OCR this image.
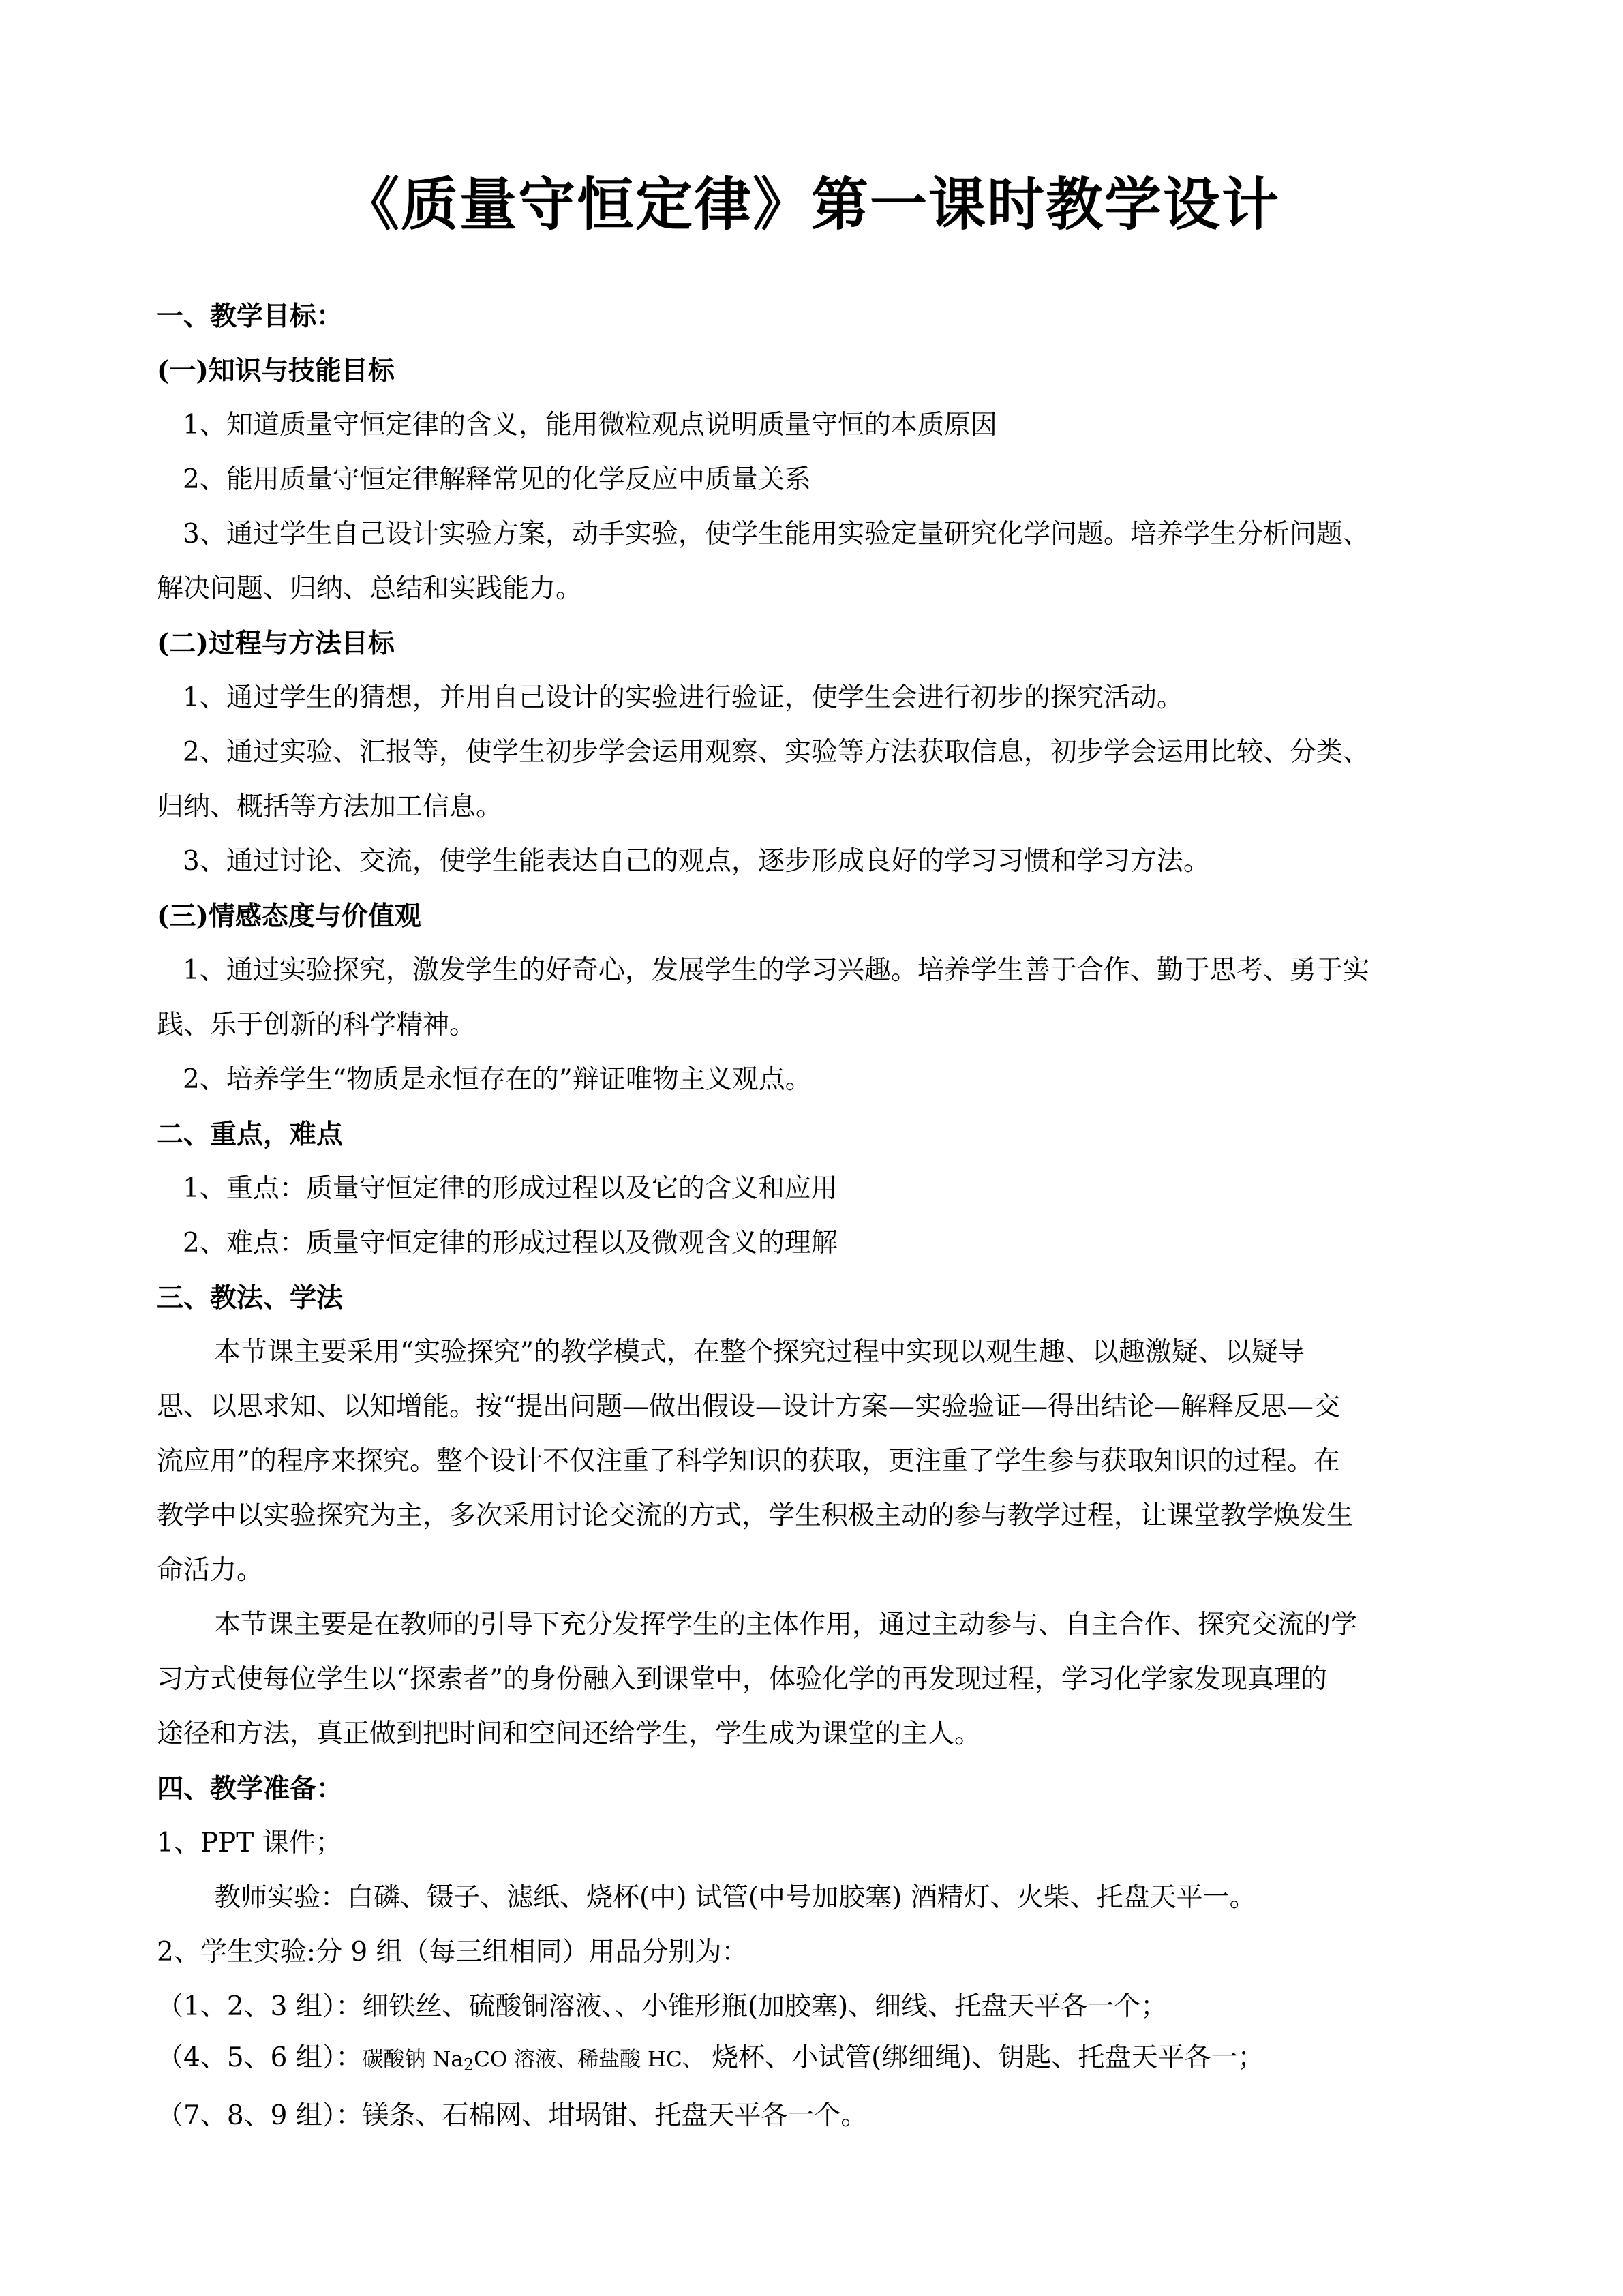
《质量守恒定律》第一课时教学设计
一、教学目标：
(一)知识与技能目标
1、知道质量守恒定律的含义，能用微粒观点说明质量守恒的本质原因
2、能用质量守恒定律解释常见的化学反应中质量关系
3、通过学生自己设计实验方案，动手实验，使学生能用实验定量研究化学问题。培养学生分析问题、
解决问题、归纳、总结和实践能力。
(二)过程与方法目标
1、通过学生的猜想，并用自己设计的实验进行验证，使学生会进行初步的探究活动。
2、通过实验、汇报等，使学生初步学会运用观察、实验等方法获取信息，初步学会运用比较、分类、
归纳、概括等方法加工信息。
3、通过讨论、交流，使学生能表达自己的观点，逐步形成良好的学习习惯和学习方法。
(三)情感态度与价值观
1、通过实验探究，激发学生的好奇心，发展学生的学习兴趣。培养学生善于合作、勤于思考、勇于实
践、乐于创新的科学精神。
2、培养学生“物质是永恒存在的”辩证唯物主义观点。
二、重点，难点
1、重点：质量守恒定律的形成过程以及它的含义和应用
2、难点：质量守恒定律的形成过程以及微观含义的理解
三、教法、学法
本节课主要采用“实验探究”的教学模式，在整个探究过程中实现以观生趣、以趣激疑、以疑导
思、以思求知、以知增能。按“提出问题—做出假设—设计方案—实验验证—得出结论—解释反思—交
流应用”的程序来探究。整个设计不仅注重了科学知识的获取，更注重了学生参与获取知识的过程。在
教学中以实验探究为主，多次采用讨论交流的方式，学生积极主动的参与教学过程，让课堂教学焕发生
命活力。
本节课主要是在教师的引导下充分发挥学生的主体作用，通过主动参与、自主合作、探究交流的学
习方式使每位学生以“探索者”的身份融入到课堂中，体验化学的再发现过程，学习化学家发现真理的
途径和方法，真正做到把时间和空间还给学生，学生成为课堂的主人。
四、教学准备：
1、PPT 课件；
教师实验：白磷、镊子、滤纸、烧杯(中) 试管(中号加胶塞) 酒精灯、火柴、托盘天平一。
2、学生实验:分 9 组（每三组相同）用品分别为：
（1、2、3 组）：细铁丝、硫酸铜溶液、、小锥形瓶(加胶塞)、细线、托盘天平各一个；
（4、5、6 组）：碳酸钠 $Na_2CO$ 溶液、稀盐酸 HC、 烧杯、小试管(绑细绳)、钥匙、托盘天平各一；
（7、8、9 组）：镁条、石棉网、坩埚钳、托盘天平各一个。
